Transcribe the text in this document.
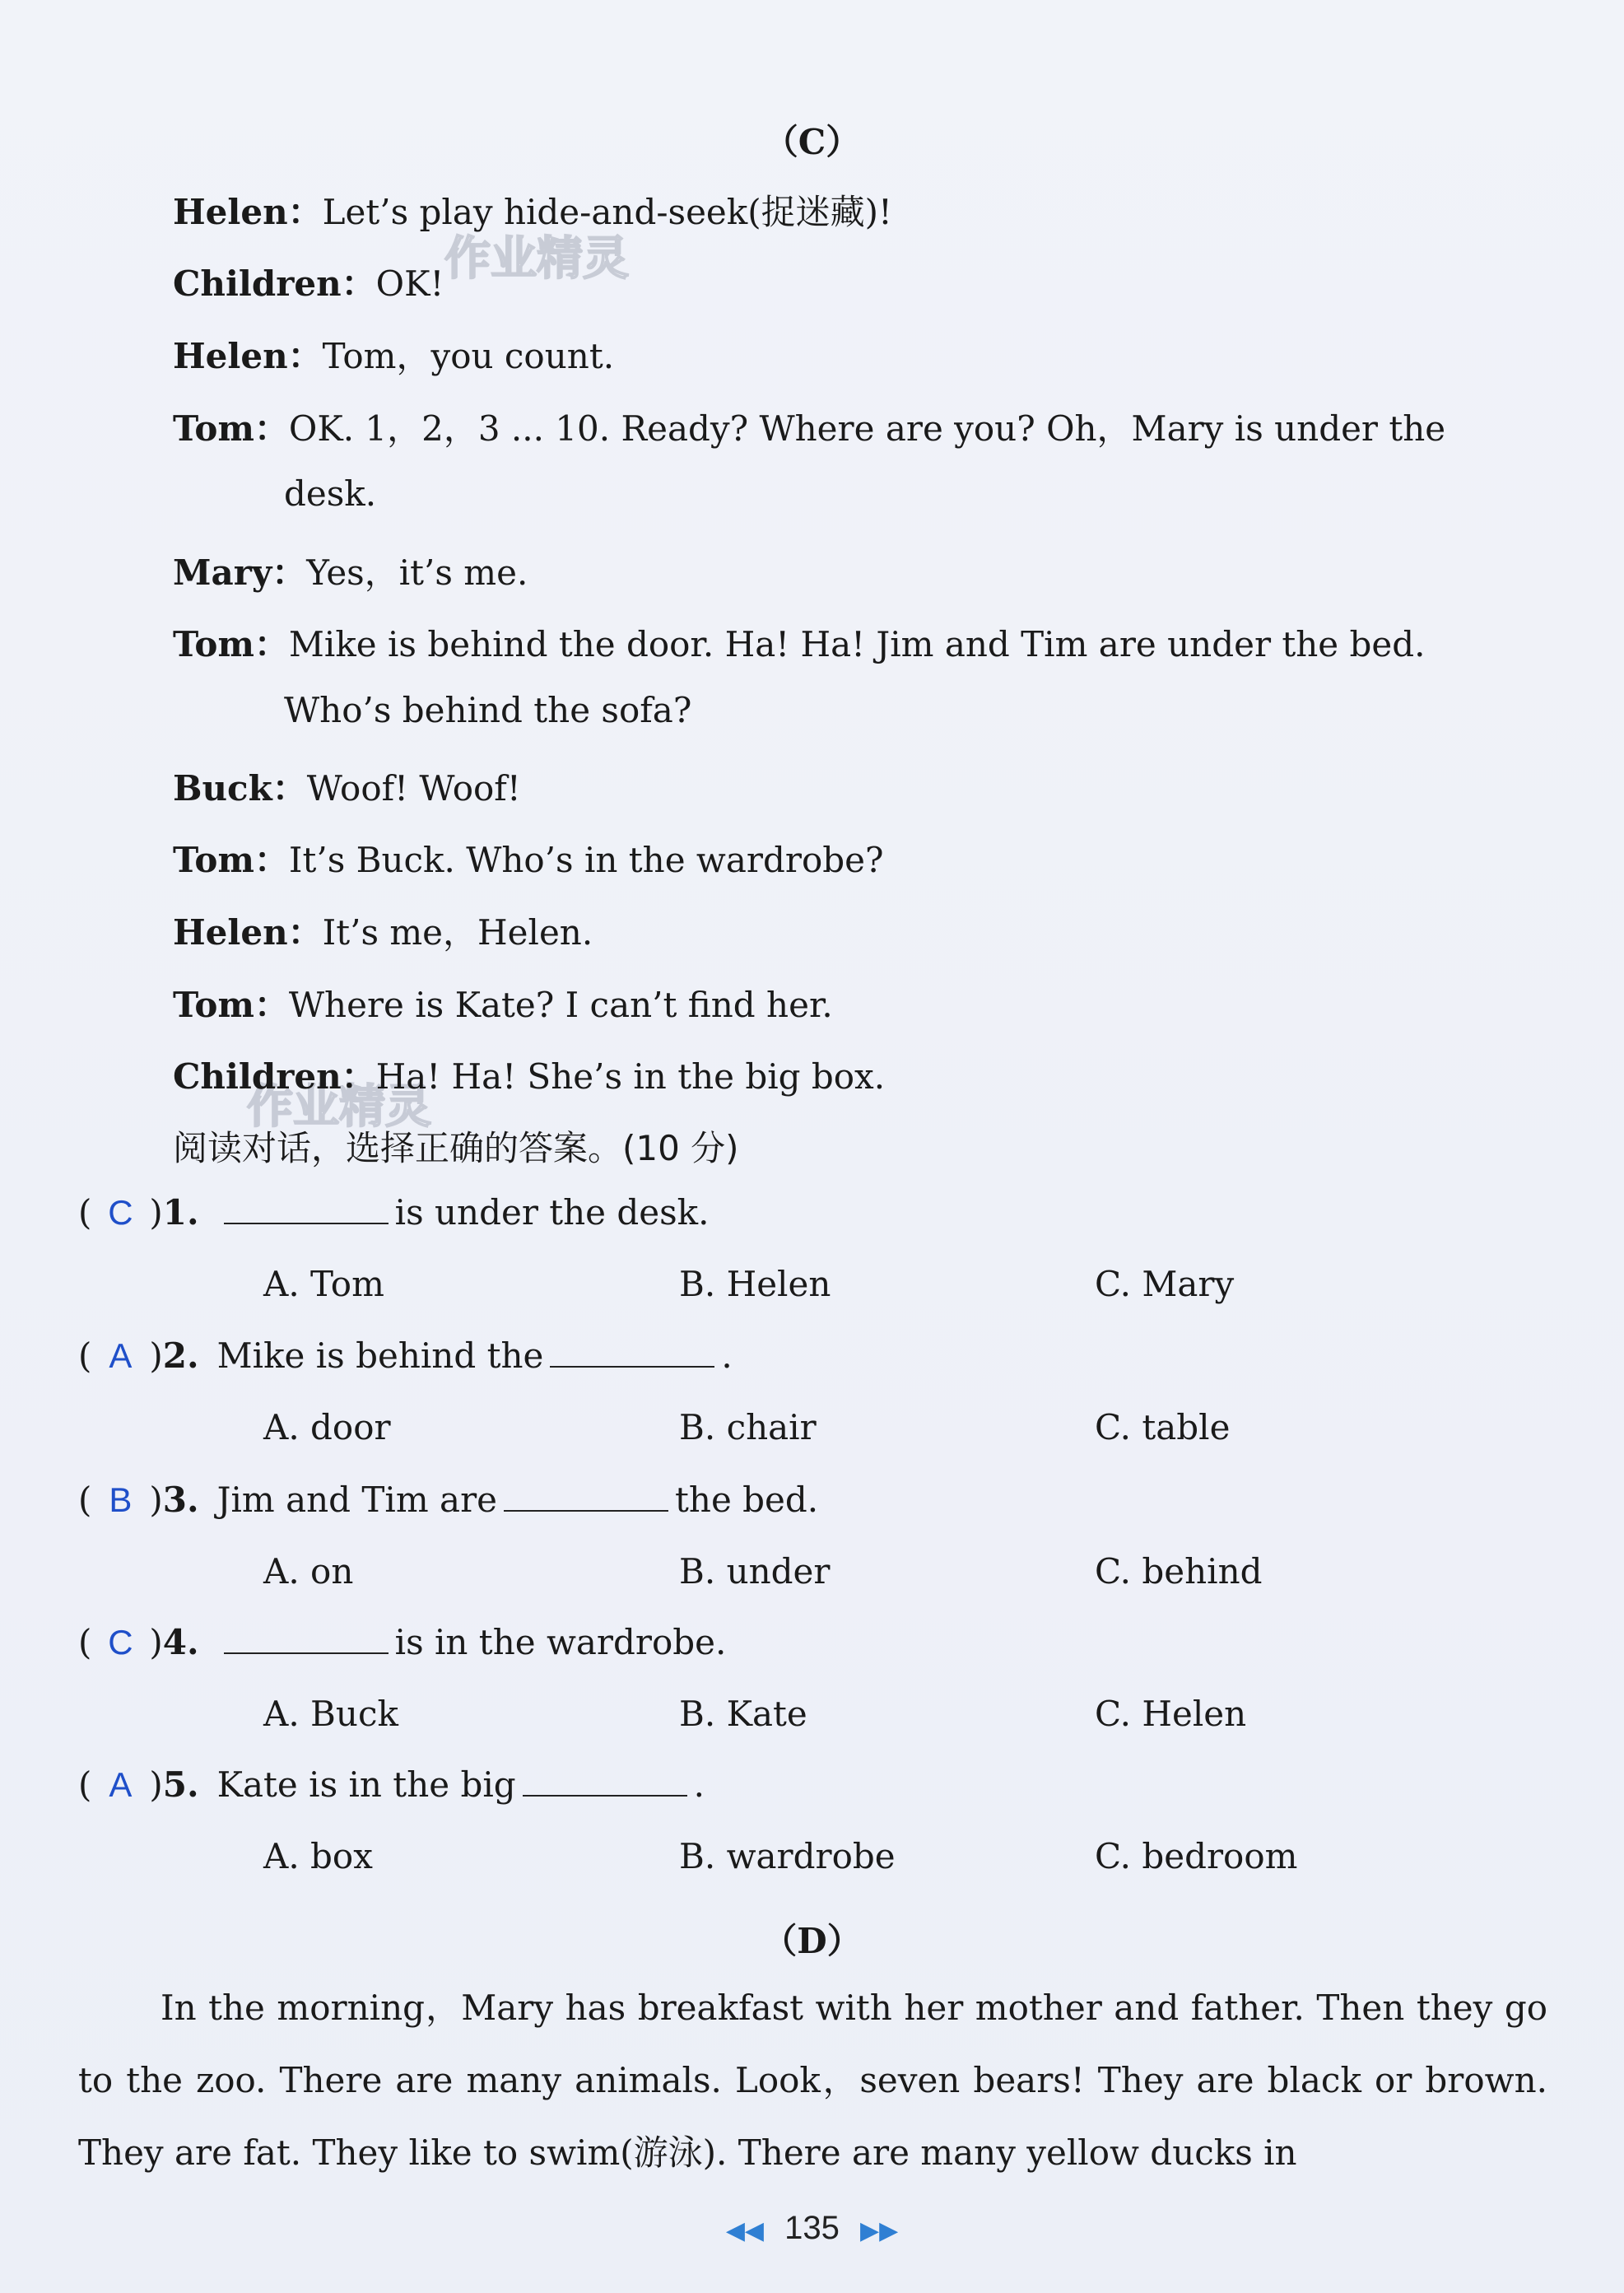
作业精灵
作业精灵
（C）
Helen：Let’s play hide-and-seek(捉迷藏)!
Children：OK!
Helen：Tom，you count.
Tom：OK. 1，2，3 ... 10. Ready? Where are you? Oh，Mary is under the
desk.
Mary：Yes，it’s me.
Tom：Mike is behind the door. Ha! Ha! Jim and Tim are under the bed.
Who’s behind the sofa?
Buck：Woof! Woof!
Tom：It’s Buck. Who’s in the wardrobe?
Helen：It’s me，Helen.
Tom：Where is Kate? I can’t find her.
Children：Ha! Ha! She’s in the big box.
阅读对话，选择正确的答案。(10 分)
( C )1.	is under the desk.
A. Tom	B. Helen	C. Mary
( A )2. Mike is behind the	.
A. door	B. chair	C. table
( B )3. Jim and Tim are	the bed.
A. on	B. under	C. behind
( C )4.	is in the wardrobe.
A. Buck	B. Kate	C. Helen
( A )5. Kate is in the big	.
A. box	B. wardrobe	C. bedroom
（D）
In the morning，Mary has breakfast with her mother and father. Then they go to the zoo. There are many animals. Look，seven bears! They are black or brown. They are fat. They like to swim(游泳). There are many yellow ducks in
◀◀ 135 ▶▶
